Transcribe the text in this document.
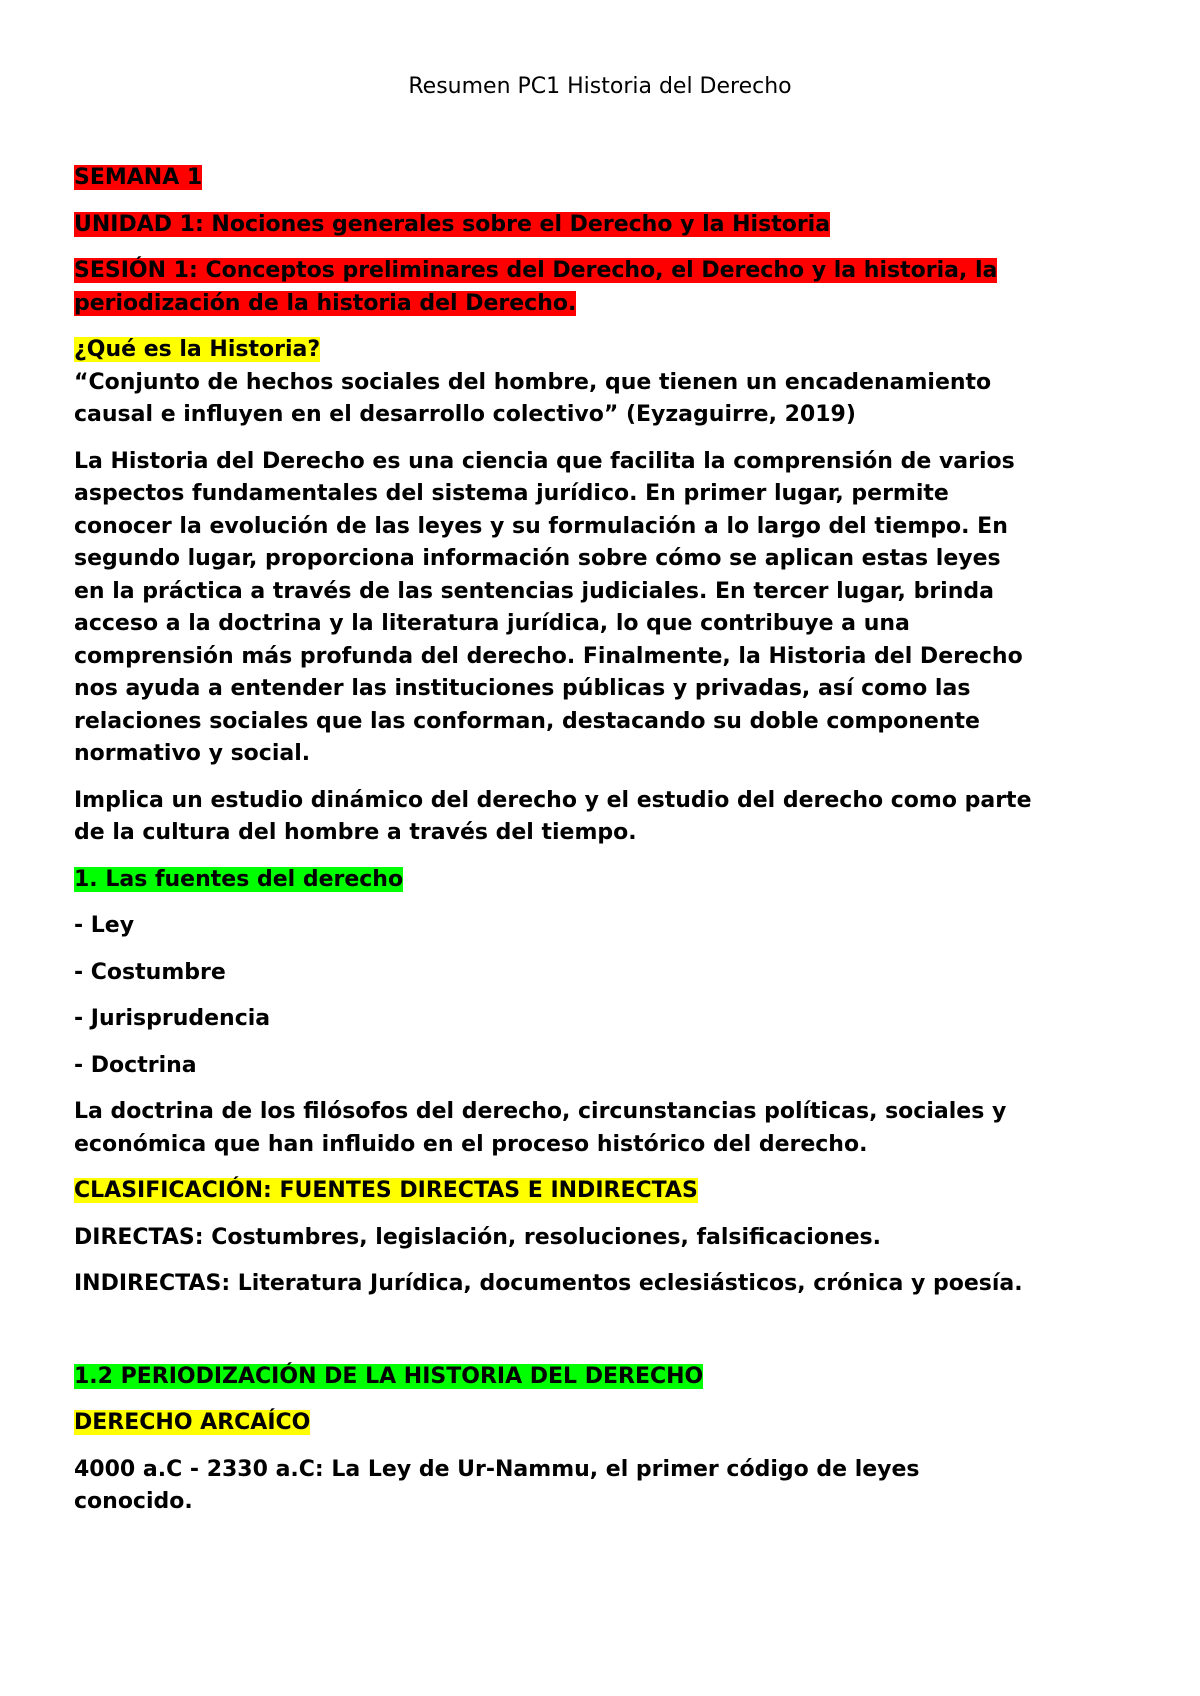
Resumen PC1 Historia del Derecho

SEMANA 1

UNIDAD 1: Nociones generales sobre el Derecho y la Historia

SESIÓN 1: Conceptos preliminares del Derecho, el Derecho y la historia, la
periodización de la historia del Derecho.

¿Qué es la Historia?
“Conjunto de hechos sociales del hombre, que tienen un encadenamiento
causal e influyen en el desarrollo colectivo” (Eyzaguirre, 2019)

La Historia del Derecho es una ciencia que facilita la comprensión de varios
aspectos fundamentales del sistema jurídico. En primer lugar, permite
conocer la evolución de las leyes y su formulación a lo largo del tiempo. En
segundo lugar, proporciona información sobre cómo se aplican estas leyes
en la práctica a través de las sentencias judiciales. En tercer lugar, brinda
acceso a la doctrina y la literatura jurídica, lo que contribuye a una
comprensión más profunda del derecho. Finalmente, la Historia del Derecho
nos ayuda a entender las instituciones públicas y privadas, así como las
relaciones sociales que las conforman, destacando su doble componente
normativo y social.

Implica un estudio dinámico del derecho y el estudio del derecho como parte
de la cultura del hombre a través del tiempo.

1. Las fuentes del derecho

- Ley

- Costumbre

- Jurisprudencia

- Doctrina

La doctrina de los filósofos del derecho, circunstancias políticas, sociales y
económica que han influido en el proceso histórico del derecho.

CLASIFICACIÓN: FUENTES DIRECTAS E INDIRECTAS

DIRECTAS: Costumbres, legislación, resoluciones, falsificaciones.

INDIRECTAS: Literatura Jurídica, documentos eclesiásticos, crónica y poesía.

1.2 PERIODIZACIÓN DE LA HISTORIA DEL DERECHO

DERECHO ARCAÍCO

4000 a.C - 2330 a.C: La Ley de Ur-Nammu, el primer código de leyes
conocido.
